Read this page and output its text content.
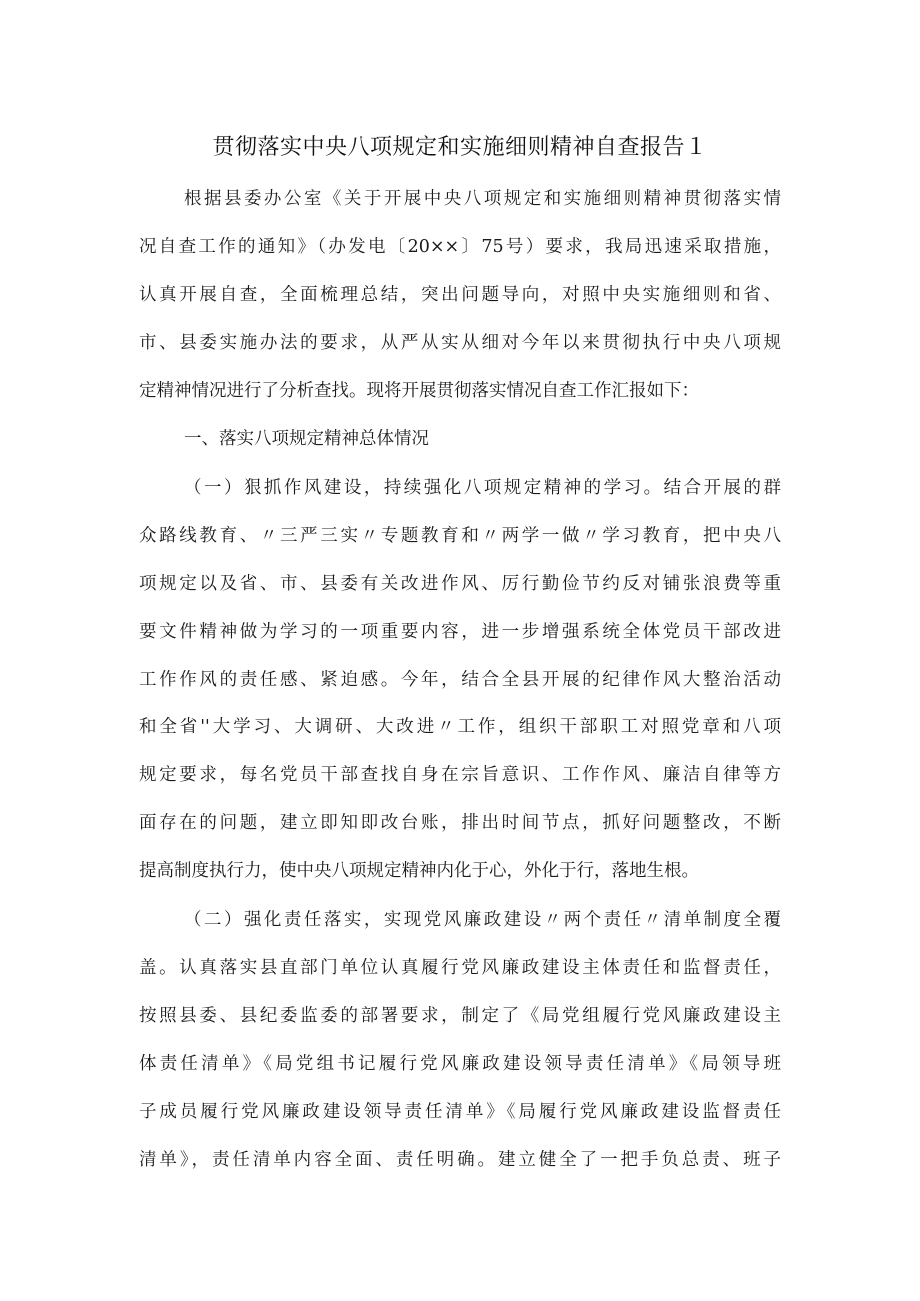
贯彻落实中央八项规定和实施细则精神自查报告１

根据县委办公室《关于开展中央八项规定和实施细则精神贯彻落实情

况自查工作的通知》（办发电〔20××〕75号）要求，我局迅速采取措施，

认真开展自查，全面梳理总结，突出问题导向，对照中央实施细则和省、

市、县委实施办法的要求，从严从实从细对今年以来贯彻执行中央八项规

定精神情况进行了分析查找。现将开展贯彻落实情况自查工作汇报如下：

一、落实八项规定精神总体情况

（一）狠抓作风建设，持续强化八项规定精神的学习。结合开展的群

众路线教育、〃三严三实〃专题教育和〃两学一做〃学习教育，把中央八

项规定以及省、市、县委有关改进作风、厉行勤俭节约反对铺张浪费等重

要文件精神做为学习的一项重要内容，进一步增强系统全体党员干部改进

工作作风的责任感、紧迫感。今年，结合全县开展的纪律作风大整治活动

和全省''大学习、大调研、大改进〃工作，组织干部职工对照党章和八项

规定要求，每名党员干部查找自身在宗旨意识、工作作风、廉洁自律等方

面存在的问题，建立即知即改台账，排出时间节点，抓好问题整改，不断

提高制度执行力，使中央八项规定精神内化于心，外化于行，落地生根。

（二）强化责任落实，实现党风廉政建设〃两个责任〃清单制度全覆

盖。认真落实县直部门单位认真履行党风廉政建设主体责任和监督责任，

按照县委、县纪委监委的部署要求，制定了《局党组履行党风廉政建设主

体责任清单》《局党组书记履行党风廉政建设领导责任清单》《局领导班

子成员履行党风廉政建设领导责任清单》《局履行党风廉政建设监督责任

清单》，责任清单内容全面、责任明确。建立健全了一把手负总责、班子
